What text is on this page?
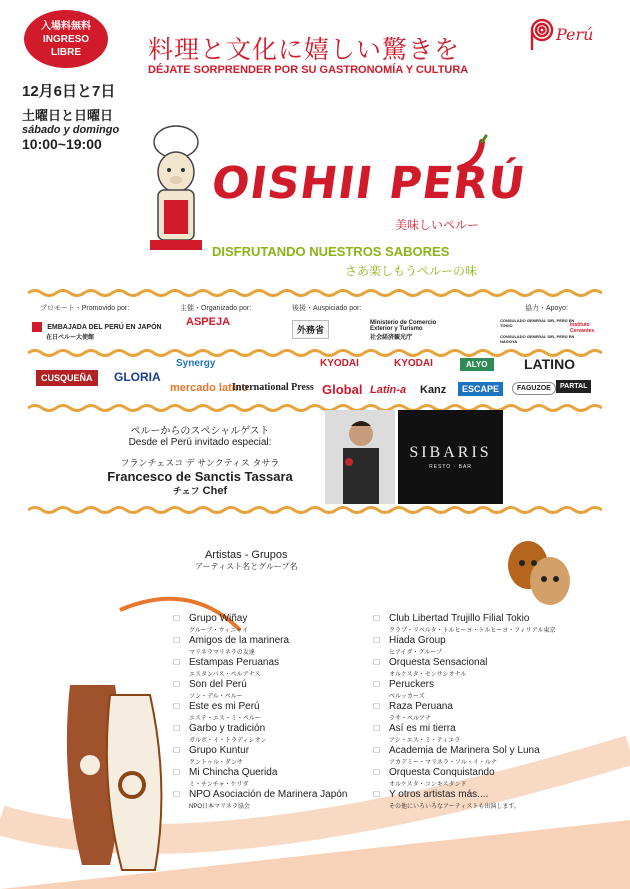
入場料無料
INGRESO
LIBRE	料理と文化に嬉しい驚きを
DÉJATE SORPRENDER POR SU GASTRONOMÍA Y CULTURA
Perú
12月6日と7日
土曜日と日曜日
sábado y domingo
10:00~19:00
OISHII PERÚ
美味しいペルー
DISFRUTANDO NUESTROS SABORES
さあ楽しもうペルーの味
プロモート・Promovido por:	主催・Organizado por:	後援・Auspiciado por:	協力・Apoyo:
EMBAJADA DEL PERÚ EN JAPÓN
在日ペルー大使館
ASPEJA
外務省
Ministerio de Comercio Exterior y Turismo
社会経済観光庁
CONSULADO GENERAL DEL PERÚ EN TOKIO
CONSULADO GENERAL DEL PERÚ EN NAGOYA
Instituto Cervantes
CUSQUEÑA	GLORIA
Synergy	KYODAI	KYODAI	ALYO	LATINO
mercado latino
International Press Global Latin-a Kanz	ESCAPE	FAGUZOE	PARTAL
ペルーからのスペシャルゲスト
Desde el Perú invitado especial:
フランチェスコ デ サンクティス タサラ
Francesco de Sanctis Tassara
チェフ Chef
SIBARIS
RESTO · BAR
Artistas - Grupos
アーティスト名とグループ名
☐ Grupo Wiñay
グループ・ウィニャイ
☐ Amigos de la marinera
マリネラマリネラの友達
☐ Estampas Peruanas
エスタンパス・ペルアナス
☐ Son del Perú
ソン・デル・ペルー
☐ Este es mi Perú
エステ・エス・ミ・ペルー
☐ Garbo y tradición
ガルボ・イ・トラディシオン
☐ Grupo Kuntur
クントゥル・ダンサ
☐ Mi Chincha Querida
ミ・チンチャ・ケリダ
☐ NPO Asociación de Marinera Japón
NPO日本マリネラ協会
☐ Club Libertad Trujillo Filial Tokio
クラブ・リベルタ・トルヒーヨ・トルヒーヨ・フィリアル東京
☐ Hiada Group
ヒアイダ・グループ
☐ Orquesta Sensacional
オルケスタ・センサシオナル
☐ Peruckers
ペルッカーズ
☐ Raza Peruana
ラサ・ペルアナ
☐ Así es mi tierra
アシ・エス・ミ・ティエラ
☐ Academia de Marinera Sol y Luna
アカデミー・マリネラ・ソル・イ・ルナ
☐ Orquesta Conquistando
オルケスタ・コンキスタンド
☐ Y otros artistas más....
その他にいろいろなアーティストも出演します。
